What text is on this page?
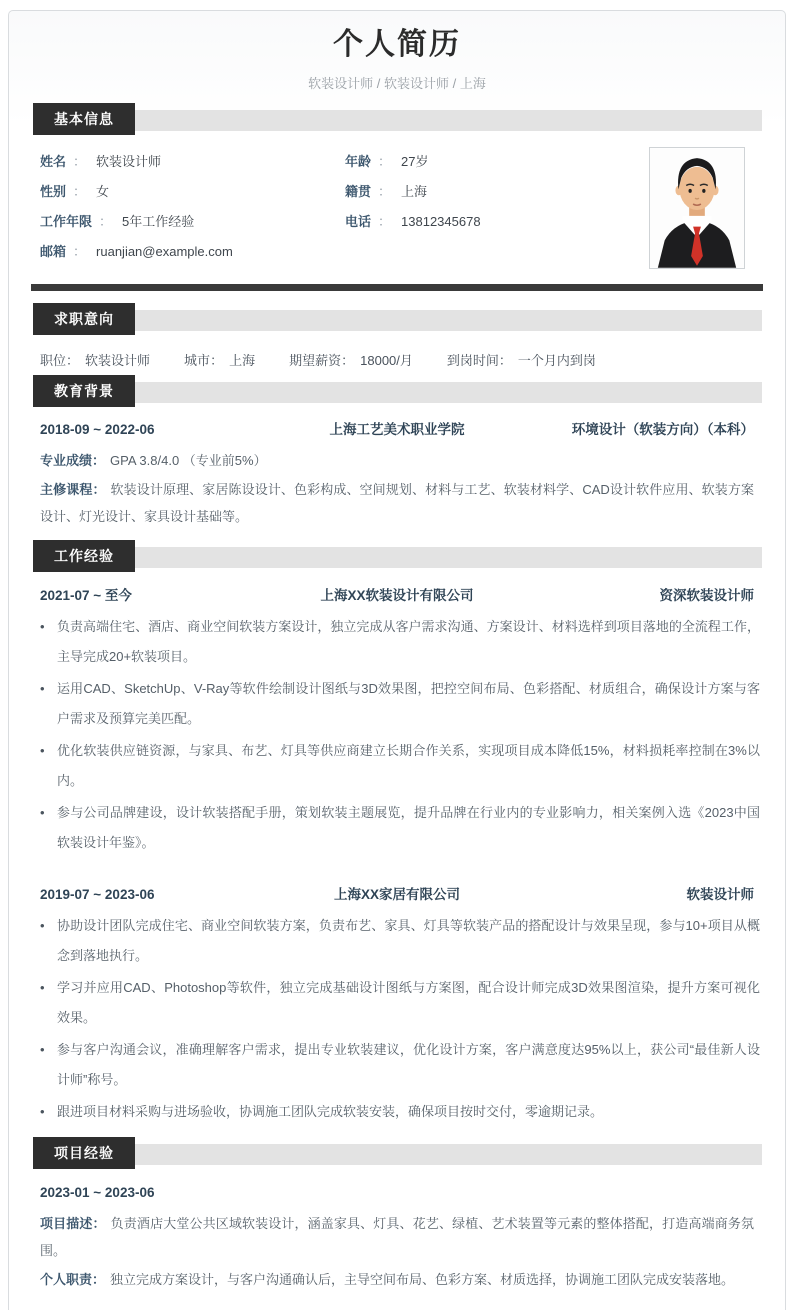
个人简历
软装设计师 / 软装设计师 / 上海
基本信息
姓名 ： 软装设计师
性别 ： 女
工作年限 ： 5年工作经验
邮箱 ： ruanjian@example.com
年龄 ： 27岁
籍贯 ： 上海
电话 ： 13812345678
求职意向
职位： 软装设计师	城市： 上海	期望薪资： 18000/月	到岗时间： 一个月内到岗
教育背景
2018-09 ~ 2022-06	上海工艺美术职业学院	环境设计（软装方向）（本科）
专业成绩： GPA 3.8/4.0 （专业前5%）
主修课程： 软装设计原理、家居陈设设计、色彩构成、空间规划、材料与工艺、软装材料学、CAD设计软件应用、软装方案设计、灯光设计、家具设计基础等。
工作经验
2021-07 ~ 至今	上海XX软装设计有限公司	资深软装设计师
• 负责高端住宅、酒店、商业空间软装方案设计，独立完成从客户需求沟通、方案设计、材料选样到项目落地的全流程工作，主导完成20+软装项目。
• 运用CAD、SketchUp、V-Ray等软件绘制设计图纸与3D效果图，把控空间布局、色彩搭配、材质组合，确保设计方案与客户需求及预算完美匹配。
• 优化软装供应链资源，与家具、布艺、灯具等供应商建立长期合作关系，实现项目成本降低15%，材料损耗率控制在3%以内。
• 参与公司品牌建设，设计软装搭配手册，策划软装主题展览，提升品牌在行业内的专业影响力，相关案例入选《2023中国软装设计年鉴》。
2019-07 ~ 2023-06	上海XX家居有限公司	软装设计师
• 协助设计团队完成住宅、商业空间软装方案，负责布艺、家具、灯具等软装产品的搭配设计与效果呈现，参与10+项目从概念到落地执行。
• 学习并应用CAD、Photoshop等软件，独立完成基础设计图纸与方案图，配合设计师完成3D效果图渲染，提升方案可视化效果。
• 参与客户沟通会议，准确理解客户需求，提出专业软装建议，优化设计方案，客户满意度达95%以上，获公司“最佳新人设计师”称号。
• 跟进项目材料采购与进场验收，协调施工团队完成软装安装，确保项目按时交付，零逾期记录。
项目经验
2023-01 ~ 2023-06
项目描述： 负责酒店大堂公共区域软装设计，涵盖家具、灯具、花艺、绿植、艺术装置等元素的整体搭配，打造高端商务氛围。
个人职责： 独立完成方案设计，与客户沟通确认后，主导空间布局、色彩方案、材质选择，协调施工团队完成安装落地。
